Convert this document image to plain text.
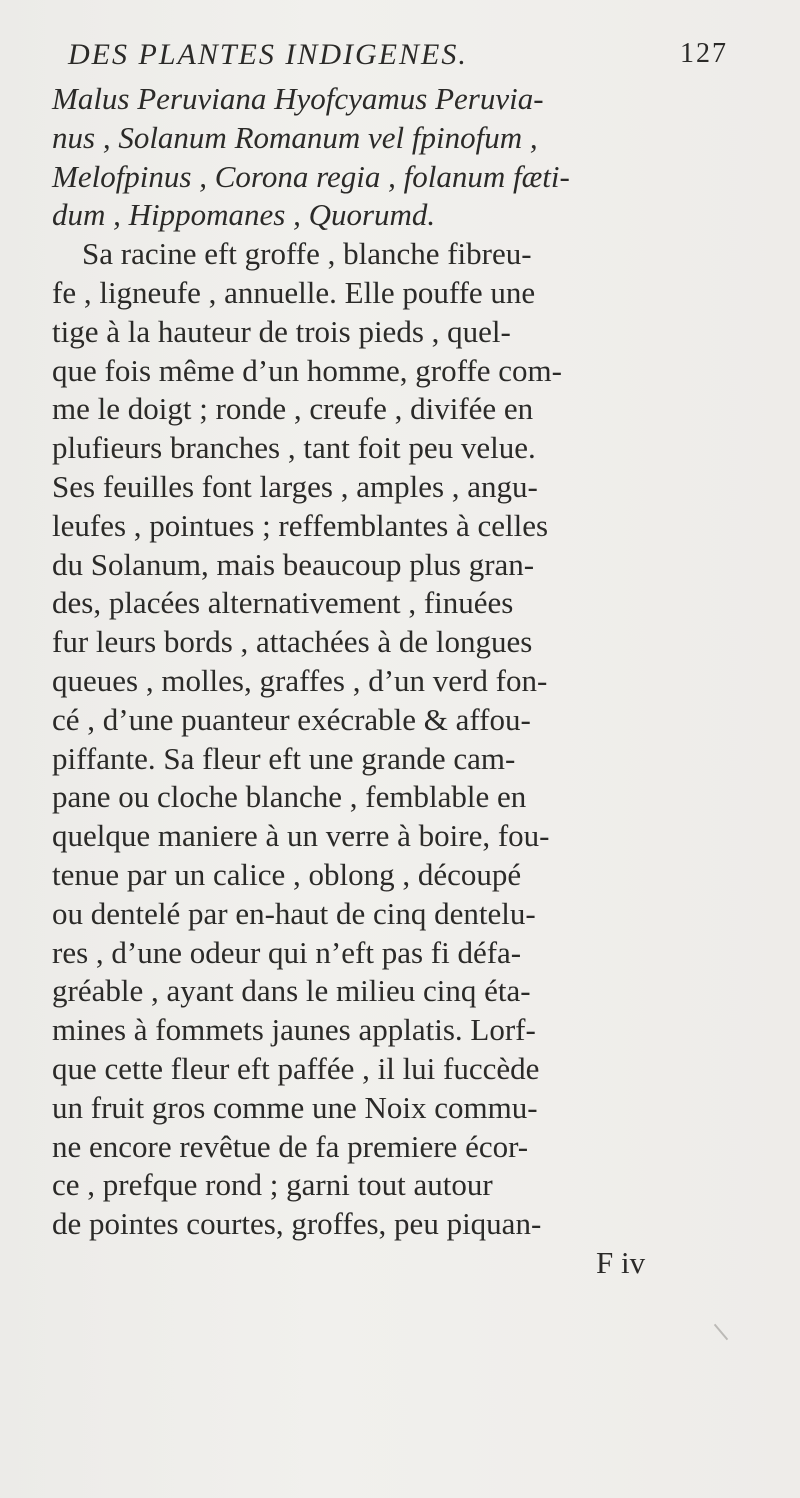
DES PLANTES INDIGENES.	127
Malus Peruviana Hyofcyamus Peruvia-
nus , Solanum Romanum vel fpinofum ,
Melofpinus , Corona regia , folanum fæti-
dum , Hippomanes , Quorumd.
Sa racine eft groffe , blanche fibreu-
fe , ligneufe , annuelle. Elle pouffe une
tige à la hauteur de trois pieds , quel-
que fois même d’un homme, groffe com-
me le doigt ; ronde , creufe , divifée en
plufieurs branches , tant foit peu velue.
Ses feuilles font larges , amples , angu-
leufes , pointues ; reffemblantes à celles
du Solanum, mais beaucoup plus gran-
des, placées alternativement , finuées
fur leurs bords , attachées à de longues
queues , molles, graffes , d’un verd fon-
cé , d’une puanteur exécrable & affou-
piffante. Sa fleur eft une grande cam-
pane ou cloche blanche , femblable en
quelque maniere à un verre à boire, fou-
tenue par un calice , oblong , découpé
ou dentelé par en-haut de cinq dentelu-
res , d’une odeur qui n’eft pas fi défa-
gréable , ayant dans le milieu cinq éta-
mines à fommets jaunes applatis. Lorf-
que cette fleur eft paffée , il lui fuccède
un fruit gros comme une Noix commu-
ne encore revêtue de fa premiere écor-
ce , prefque rond ; garni tout autour
de pointes courtes, groffes, peu piquan-
F iv
